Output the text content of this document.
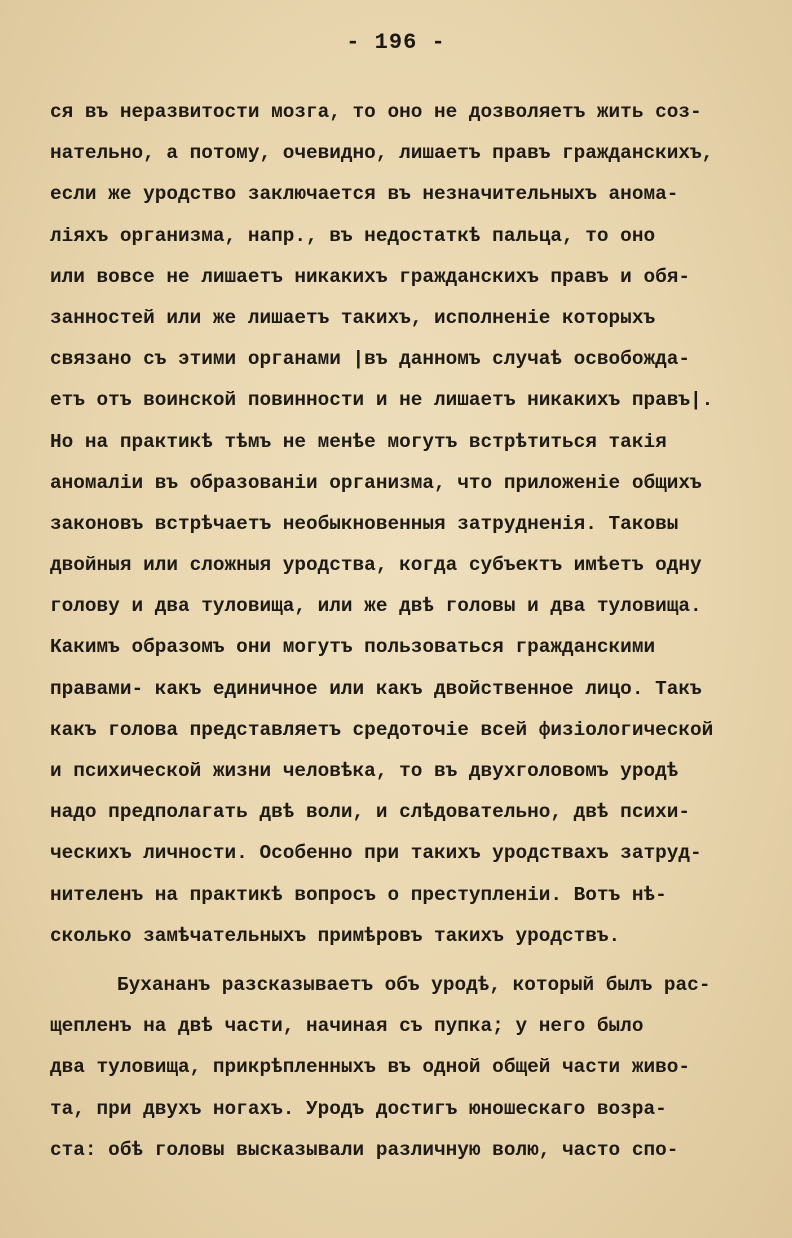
- 196 -
ся въ неразвитости мозга, то оно не дозволяетъ жить соз-
нательно, а потому, очевидно, лишаетъ правъ гражданскихъ,
если же уродство заключается въ незначительныхъ анома-
лiяхъ организма, напр., въ недостаткѣ пальца, то оно
или вовсе не лишаетъ никакихъ гражданскихъ правъ и обя-
занностей или же лишаетъ такихъ, исполненiе которыхъ
связано съ этими органами |въ данномъ случаѣ освобожда-
етъ отъ воинской повинности и не лишаетъ никакихъ правъ|.
Но на практикѣ тѣмъ не менѣе могутъ встрѣтиться такiя
аномалiи въ образованiи организма, что приложенiе общихъ
законовъ встрѣчаетъ необыкновенныя затрудненiя. Таковы
двойныя или сложныя уродства, когда субъектъ имѣетъ одну
голову и два туловища, или же двѣ головы и два туловища.
Какимъ образомъ они могутъ пользоваться гражданскими
правами- какъ единичное или какъ двойственное лицо. Такъ
какъ голова представляетъ средоточiе всей физiологической
и психической жизни человѣка, то въ двухголовомъ уродѣ
надо предполагать двѣ воли, и слѣдовательно, двѣ психи-
ческихъ личности. Особенно при такихъ уродствахъ затруд-
нителенъ на практикѣ вопросъ о преступленiи. Вотъ нѣ-
сколько замѣчательныхъ примѣровъ такихъ уродствъ.
Бухананъ разсказываетъ объ уродѣ, который былъ рас-
щепленъ на двѣ части, начиная съ пупка; у него было
два туловища, прикрѣпленныхъ въ одной общей части живо-
та, при двухъ ногахъ. Уродъ достигъ юношескаго возра-
ста: обѣ головы высказывали различную волю, часто спо-
